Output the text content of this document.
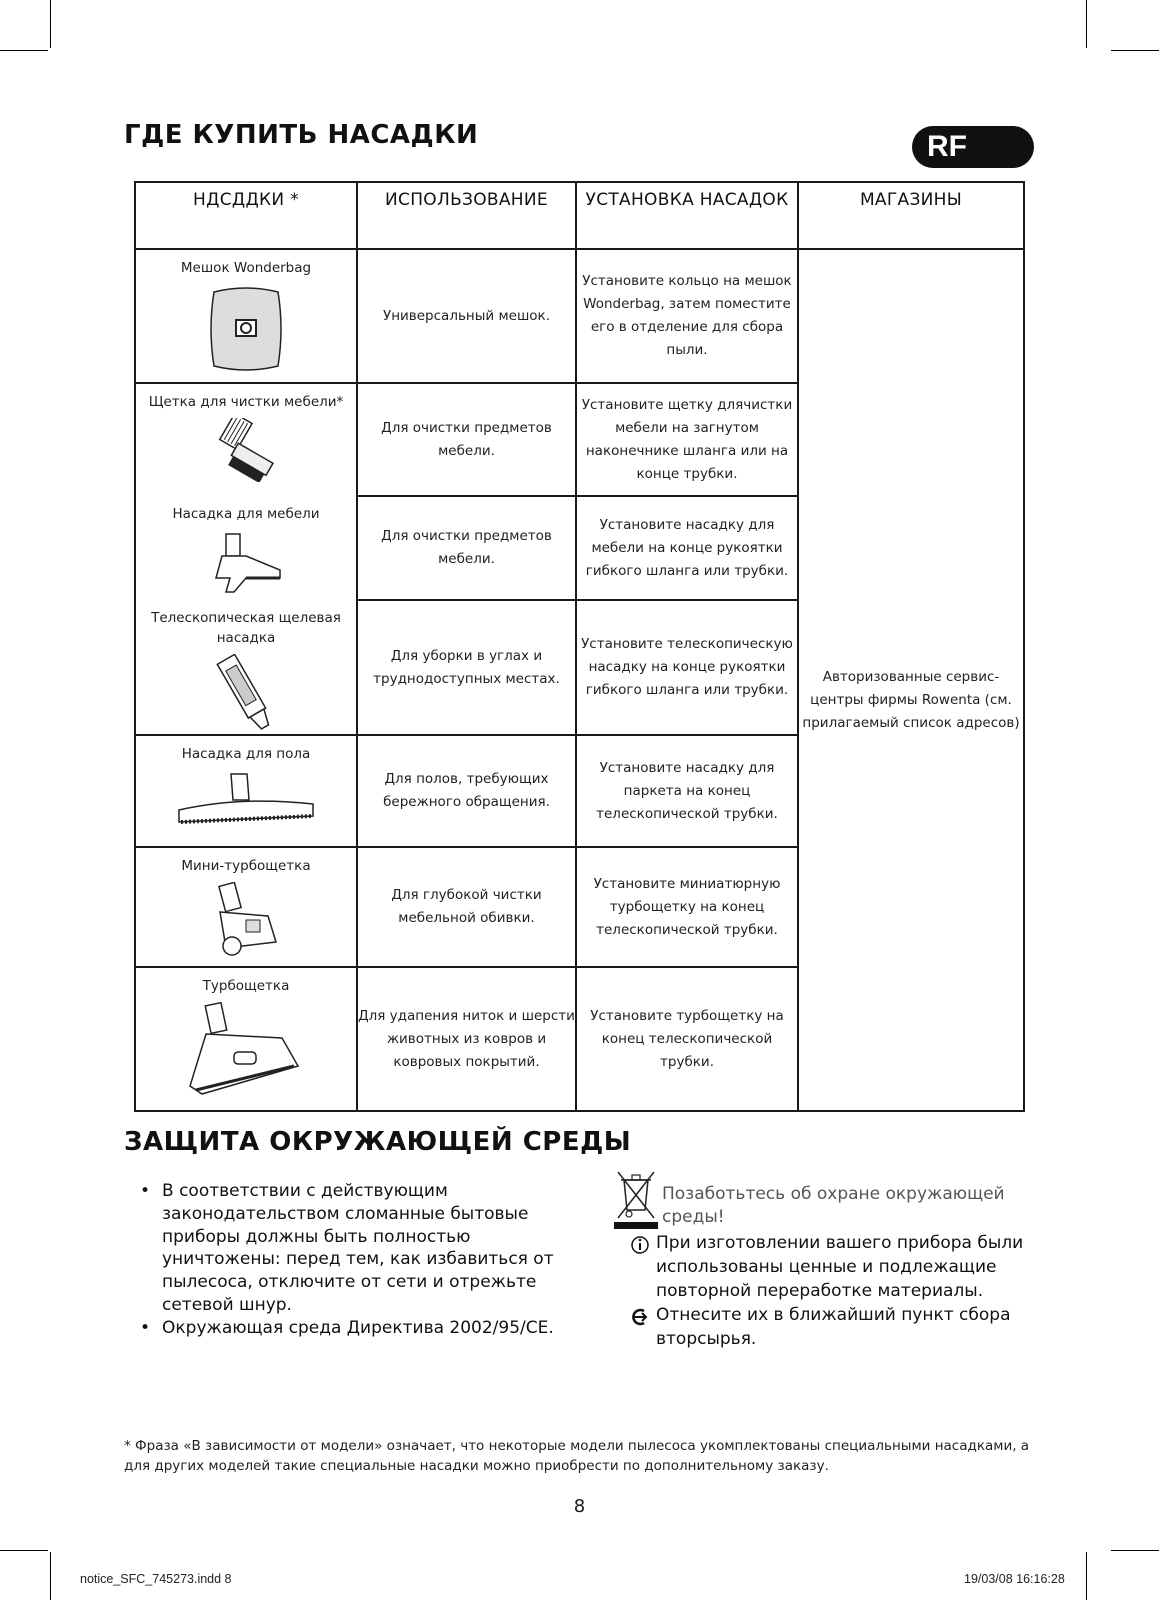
ГДЕ КУПИТЬ НАСАДКИ	RF
НДСДДКИ *	ИСПОЛЬЗОВАНИЕ	УСТАНОВКА НАСАДОК	МАГАЗИНЫ

Мешок Wonderbag	Универсальный мешок.	Установите кольцо на мешок Wonderbag, затем поместите его в отделение для сбора пыли.	Авторизованные сервис-центры фирмы Rowenta (см. прилагаемый список адресов)

Щетка для чистки мебели*	Для очистки предметов мебели.	Установите щетку длячистки мебели на загнутом наконечнике шланга или на конце трубки.	

Насадка для мебели	Для очистки предметов мебели.	Установите насадку для мебели на конце рукоятки гибкого шланга или трубки.	

Телескопическая щелевая насадка	Для уборки в углах и труднодоступных местах.	Установите телескопическую насадку на конце рукоятки гибкого шланга или трубки.	

Насадка для пола	Для полов, требующих бережного обращения.	Установите насадку для паркета на конец телескопической трубки.	

Мини-турбощетка	Для глубокой чистки мебельной обивки.	Установите миниатюрную турбощетку на конец телескопической трубки.	

Турбощетка	Для удапения ниток и шерсти животных из ковров и ковровых покрытий.	Установите турбощетку на конец телескопической трубки.	
ЗАЩИТА ОКРУЖАЮЩЕЙ СРЕДЫ
• В соответствии с действующим законодательством сломанные бытовые приборы должны быть полностью уничтожены: перед тем, как избавиться от пылесоса, отключите от сети и отрежьте сетевой шнур.
• Окружающая среда Директива 2002/95/CE.
Позаботьтесь об охране окружающей среды!
При изготовлении вашего прибора были использованы ценные и подлежащие повторной переработке материалы.
Отнесите их в ближайший пункт сбора вторсырья.
* Фраза «В зависимости от модели» означает, что некоторые модели пылесоса укомплектованы специальными насадками, а для других моделей такие специальные насадки можно приобрести по дополнительному заказу.
8
notice_SFC_745273.indd 8	19/03/08 16:16:28
